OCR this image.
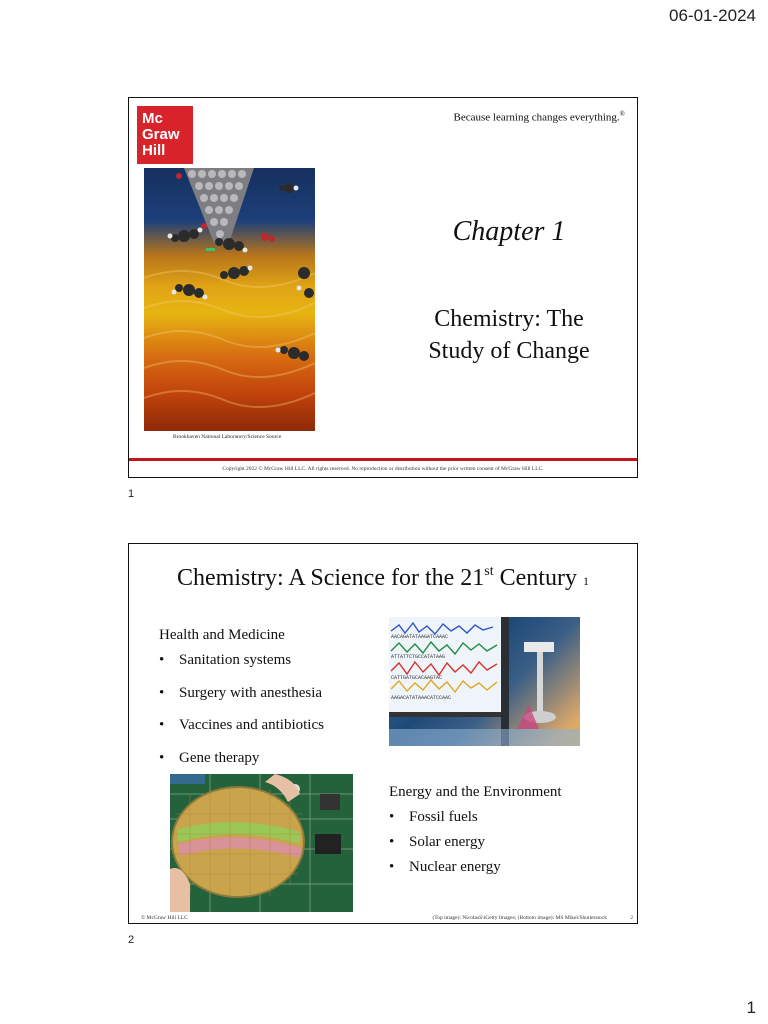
06-01-2024
Mc
Graw
Hill
Because learning changes everything.®
Brookhaven National Laboratory/Science Source
Chapter 1
Chemistry: The
Study of Change
Copyright 2022 © McGraw Hill LLC. All rights reserved. No reproduction or distribution without the prior written consent of McGraw Hill LLC.
1
Chemistry: A Science for the 21st Century 1
Health and Medicine
• Sanitation systems
• Surgery with anesthesia
• Vaccines and antibiotics
• Gene therapy
AACAGATATAAGATCAAAC
ATTATTCTGCCATATAAG
CATTGATGCACAAGTAC
AAGACATATAAACATCCAAC
Energy and the Environment
• Fossil fuels
• Solar energy
• Nuclear energy
© McGraw Hill LLC	(Top image): NicolasS\iGetty Images; (Bottom image): MS Mikel/Shutterstock	2
2
1
